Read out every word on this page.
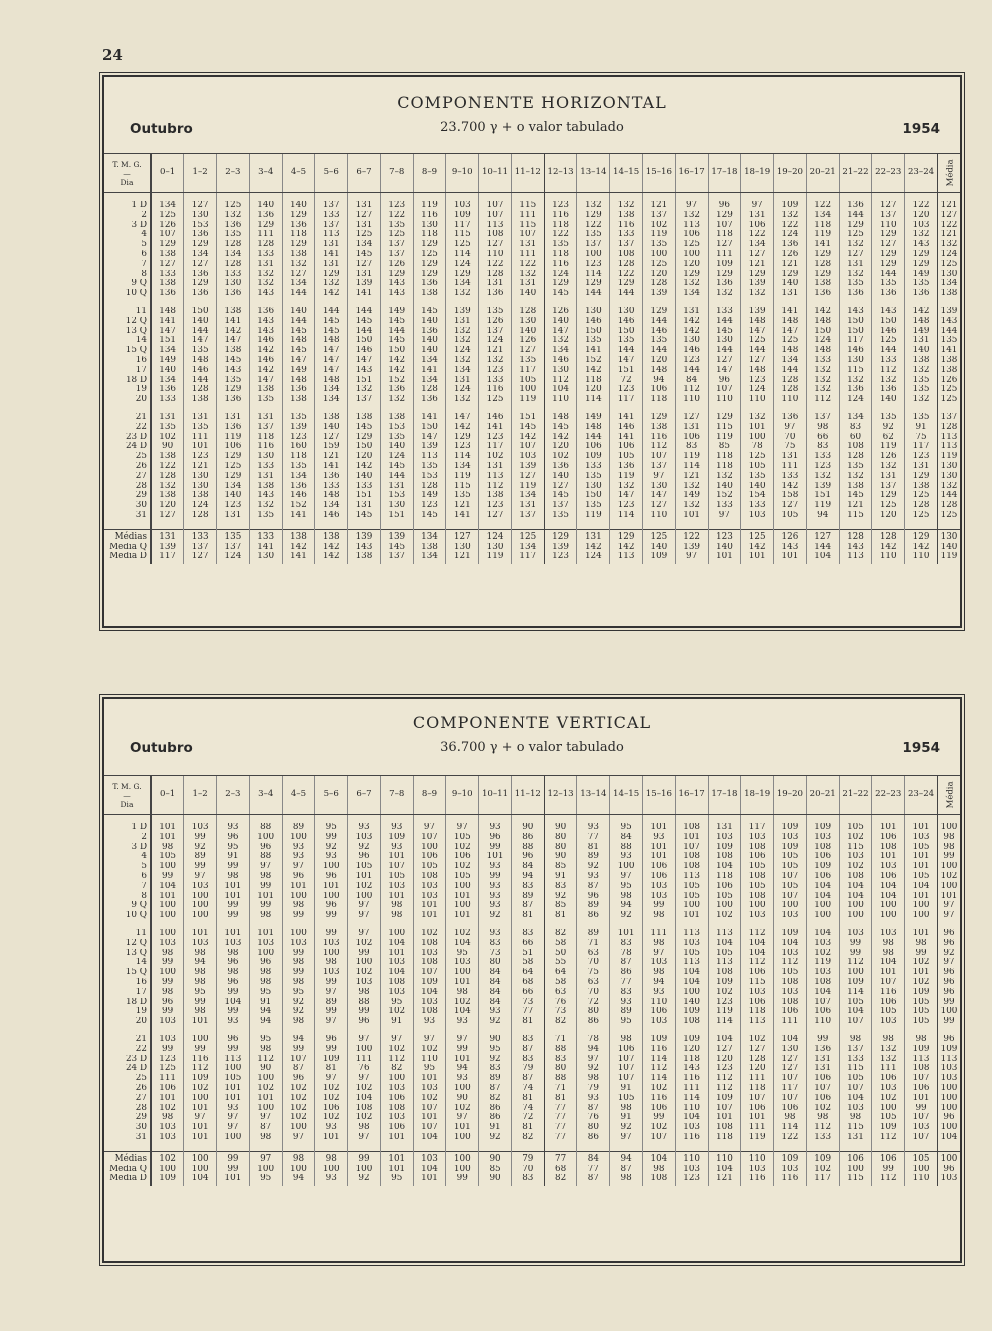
24
COMPONENTE HORIZONTAL
23.700 γ + o valor tabulado
Outubro	1954
T. M. G.
—
Dia	0–1	1–2	2–3	3–4	4–5	5–6	6–7	7–8	8–9	9–10	10–11	11–12	12–13	13–14	14–15	15–16	16–17	17–18	18–19	19–20	20–21	21–22	22–23	23–24	Média

1 D	134	127	125	140	140	137	131	123	119	103	107	115	123	132	132	121	97	96	97	109	122	136	127	122	121
2	125	130	132	136	129	133	127	122	116	109	107	111	116	129	138	137	132	129	131	132	134	144	137	120	127
3 D	126	153	136	129	136	137	131	135	130	117	113	115	118	122	116	102	113	107	106	122	118	129	110	103	122
4	107	136	135	111	118	113	125	125	118	115	108	107	122	135	133	119	106	118	122	124	119	125	129	132	121
5	129	129	128	128	129	131	134	137	129	125	127	131	135	137	137	135	125	127	134	136	141	132	127	143	132
6	138	134	134	133	138	141	145	137	125	114	110	111	118	100	108	100	100	111	127	126	129	127	129	129	124
7	127	127	128	131	132	131	127	126	129	124	122	122	116	123	128	125	120	109	121	121	128	131	129	129	125
8	133	136	133	132	127	129	131	129	129	129	128	132	124	114	122	120	129	129	129	129	129	132	144	149	130
9 Q	138	129	130	132	134	132	139	143	136	134	131	131	129	129	129	128	132	136	139	140	138	135	135	135	134
10 Q	136	136	136	143	144	142	141	143	138	132	136	140	145	144	144	139	134	132	132	131	136	136	136	136	138

11	148	150	138	136	140	144	144	149	145	139	135	128	126	130	130	129	131	133	139	141	142	143	143	142	139
12 Q	141	140	141	143	144	145	145	145	140	131	126	130	140	146	146	144	142	144	148	148	148	150	150	148	143
13 Q	147	144	142	143	145	145	144	144	136	132	137	140	147	150	150	146	142	145	147	147	150	150	146	149	144
14	151	147	147	146	148	148	150	145	140	132	124	126	132	135	135	135	130	130	125	125	124	117	125	131	135
15 Q	134	135	138	142	145	147	146	150	140	124	121	127	134	141	144	144	146	144	144	148	148	146	144	140	141
16	149	148	145	146	147	147	147	142	134	132	132	135	146	152	147	120	123	127	127	134	133	130	133	138	138
17	140	146	143	142	149	147	143	142	141	134	123	117	130	142	151	148	144	147	148	144	132	115	112	132	138
18 D	134	144	135	147	148	148	151	152	134	131	133	105	112	118	72	94	84	96	123	128	132	132	132	135	126
19	136	128	129	138	136	134	132	136	128	124	116	100	104	120	123	106	112	107	124	128	132	136	136	135	125
20	133	138	136	135	138	134	137	132	136	132	125	119	110	114	117	118	110	110	110	110	112	124	140	132	125

21	131	131	131	131	135	138	138	138	141	147	146	151	148	149	141	129	127	129	132	136	137	134	135	135	137
22	135	135	136	137	139	140	145	153	150	142	141	145	145	148	146	138	131	115	101	97	98	83	92	91	128
23 D	102	111	119	118	123	127	129	135	147	129	123	142	142	144	141	116	106	119	100	70	66	60	62	75	113
24 D	90	101	106	116	160	159	150	140	139	123	117	107	120	106	106	112	83	85	78	75	83	108	119	117	113
25	138	123	129	130	118	121	120	124	113	114	102	103	102	109	105	107	119	118	125	131	133	128	126	123	119
26	122	121	125	133	135	141	142	145	135	134	131	139	136	133	136	137	114	118	105	111	123	135	132	131	130
27	128	130	129	131	134	136	140	144	153	119	113	127	140	135	119	97	121	132	135	133	132	132	131	129	130
28	132	130	134	138	136	133	133	131	128	115	112	119	127	130	132	130	132	140	140	142	139	138	137	138	132
29	138	138	140	143	146	148	151	153	149	135	138	134	145	150	147	147	149	152	154	158	151	145	129	125	144
30	120	124	123	132	152	134	131	130	123	121	123	131	137	135	123	127	132	133	133	127	119	121	125	128	128
31	127	128	131	135	141	146	145	151	145	141	127	137	135	119	114	110	101	97	103	105	94	115	120	125	125

Médias	131	133	135	133	138	138	139	139	134	127	124	125	129	131	129	125	122	123	125	126	127	128	128	129	130
Média Q	139	137	137	141	142	142	143	145	138	130	130	134	139	142	142	140	139	140	142	143	144	143	142	142	140
Média D	117	127	124	130	141	142	138	137	134	121	119	117	123	124	113	109	97	101	101	101	104	113	110	110	119
COMPONENTE VERTICAL
36.700 γ + o valor tabulado
Outubro	1954
T. M. G.
—
Dia	0–1	1–2	2–3	3–4	4–5	5–6	6–7	7–8	8–9	9–10	10–11	11–12	12–13	13–14	14–15	15–16	16–17	17–18	18–19	19–20	20–21	21–22	22–23	23–24	Média

1 D	101	103	93	88	89	95	93	93	97	97	93	90	90	93	95	101	108	131	117	109	109	105	101	101	100
2	101	99	96	100	100	99	103	109	107	105	96	86	80	77	84	93	101	103	103	103	103	102	106	103	98
3 D	98	92	95	96	93	92	92	93	100	102	99	88	80	81	88	101	107	109	108	109	108	115	108	105	98
4	105	89	91	88	93	93	96	101	106	106	101	96	90	89	93	101	108	108	106	105	106	103	101	101	99
5	100	99	99	97	97	100	105	107	105	102	93	84	85	92	100	106	108	104	105	105	109	102	103	101	100
6	99	97	98	98	96	96	101	105	108	105	99	94	91	93	97	106	113	118	108	107	106	108	106	105	102
7	104	103	101	99	101	101	102	103	103	100	93	83	83	87	95	103	105	106	105	105	104	104	104	104	100
8	101	100	101	101	100	100	100	101	103	101	93	89	92	96	98	103	105	105	108	107	104	104	104	101	101
9 Q	100	100	99	99	98	96	97	98	101	100	93	87	85	89	94	99	100	100	100	100	100	100	100	100	97
10 Q	100	100	99	98	99	99	97	98	101	101	92	81	81	86	92	98	101	102	103	103	100	100	100	100	97

11	100	101	101	101	100	99	97	100	102	102	93	83	82	89	101	111	113	113	112	109	104	103	103	101	96
12 Q	103	103	103	103	103	103	102	104	108	104	83	66	58	71	83	98	103	104	104	104	103	99	98	98	96
13 Q	98	98	98	100	99	100	99	101	103	95	73	51	50	63	78	97	105	105	104	103	102	99	98	99	92
14	99	94	96	96	98	98	100	103	108	103	80	58	55	70	87	103	113	113	112	112	119	112	104	102	97
15 Q	100	98	98	98	99	103	102	104	107	100	84	64	64	75	86	98	104	108	106	105	103	100	101	101	96
16	99	98	96	98	98	99	103	108	109	101	84	68	58	63	77	94	104	109	115	108	108	109	107	102	96
17	98	95	99	95	95	97	98	103	104	98	84	66	63	70	83	93	100	102	103	103	104	114	116	109	96
18 D	96	99	104	91	92	89	88	95	103	102	84	73	76	72	93	110	140	123	106	108	107	105	106	105	99
19	99	98	99	94	92	99	99	102	108	104	93	77	73	80	89	106	109	119	118	106	106	104	105	105	100
20	103	101	93	94	98	97	96	91	93	93	92	81	82	86	95	103	108	114	113	111	110	107	103	105	99

21	103	100	96	95	94	96	97	97	97	97	90	83	71	78	98	109	109	104	102	104	99	98	98	98	96
22	99	99	99	98	99	99	100	102	102	99	95	87	88	94	106	116	120	127	127	130	136	137	132	109	109
23 D	123	116	113	112	107	109	111	112	110	101	92	83	83	97	107	114	118	120	128	127	131	133	132	113	113
24 D	125	112	100	90	87	81	76	82	95	94	83	79	80	92	107	112	143	123	120	127	131	115	111	108	103
25	111	109	105	100	96	97	97	100	101	93	89	87	88	98	107	114	116	112	111	107	106	105	106	107	103
26	106	102	101	102	102	102	102	103	103	100	87	74	71	79	91	102	111	112	118	117	107	107	103	106	100
27	101	100	101	101	102	102	104	106	102	90	82	81	81	93	105	116	114	109	107	107	106	104	102	101	100
28	102	101	93	100	102	106	108	108	107	102	86	74	77	87	98	106	110	107	106	106	102	103	100	99	100
29	98	97	97	97	102	102	102	103	101	97	86	72	77	76	91	99	104	101	101	98	98	98	105	107	96
30	103	101	97	87	100	93	98	106	107	101	91	81	77	80	92	102	103	108	111	114	112	115	109	103	100
31	103	101	100	98	97	101	97	101	104	100	92	82	77	86	97	107	116	118	119	122	133	131	112	107	104

Médias	102	100	99	97	98	98	99	101	103	100	90	79	77	84	94	104	110	110	110	109	109	106	106	105	100
Média Q	100	100	99	100	100	100	100	101	104	100	85	70	68	77	87	98	103	104	103	103	102	100	99	100	96
Média D	109	104	101	95	94	93	92	95	101	99	90	83	82	87	98	108	123	121	116	116	117	115	112	110	103
